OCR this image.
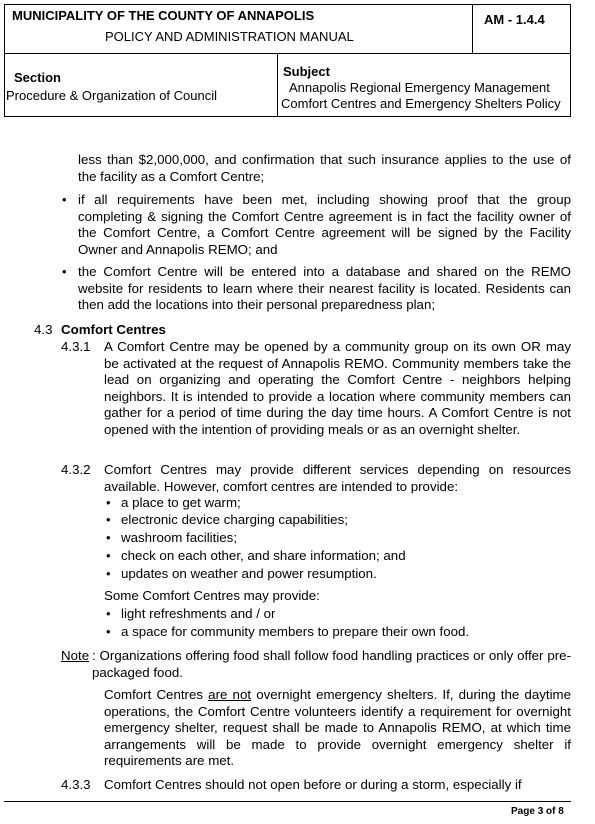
MUNICIPALITY OF THE COUNTY OF ANNAPOLIS
POLICY AND ADMINISTRATION MANUAL
AM - 1.4.4
Section
Procedure & Organization of Council
Subject
Annapolis Regional Emergency Management
Comfort Centres and Emergency Shelters Policy
less than $2,000,000, and confirmation that such insurance applies to the use of the facility as a Comfort Centre;
• if all requirements have been met, including showing proof that the group completing & signing the Comfort Centre agreement is in fact the facility owner of the Comfort Centre, a Comfort Centre agreement will be signed by the Facility Owner and Annapolis REMO; and
• the Comfort Centre will be entered into a database and shared on the REMO website for residents to learn where their nearest facility is located. Residents can then add the locations into their personal preparedness plan;
4.3 Comfort Centres
4.3.1 A Comfort Centre may be opened by a community group on its own OR may be activated at the request of Annapolis REMO. Community members take the lead on organizing and operating the Comfort Centre - neighbors helping neighbors. It is intended to provide a location where community members can gather for a period of time during the day time hours. A Comfort Centre is not opened with the intention of providing meals or as an overnight shelter.
4.3.2 Comfort Centres may provide different services depending on resources available. However, comfort centres are intended to provide:
• a place to get warm;
• electronic device charging capabilities;
• washroom facilities;
• check on each other, and share information; and
• updates on weather and power resumption.
Some Comfort Centres may provide:
• light refreshments and / or
• a space for community members to prepare their own food.
Note : Organizations offering food shall follow food handling practices or only offer pre-packaged food.
Comfort Centres are not overnight emergency shelters. If, during the daytime operations, the Comfort Centre volunteers identify a requirement for overnight emergency shelter, request shall be made to Annapolis REMO, at which time arrangements will be made to provide overnight emergency shelter if requirements are met.
4.3.3 Comfort Centres should not open before or during a storm, especially if
Page 3 of 8
